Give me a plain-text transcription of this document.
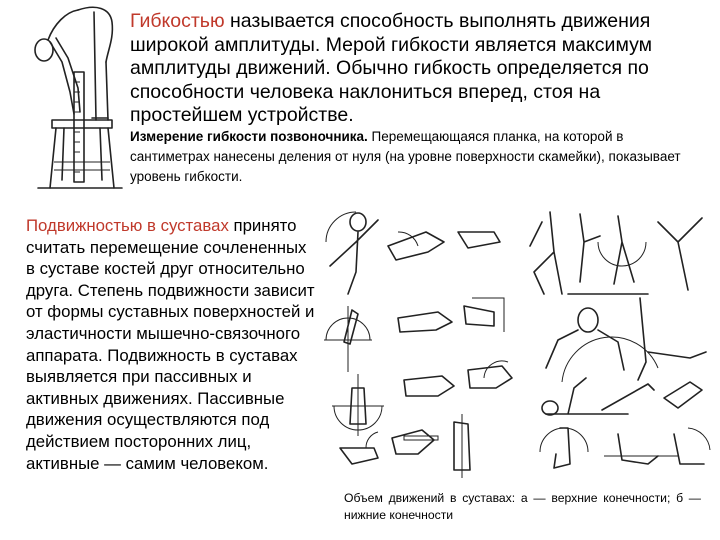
Гибкостью называется способность выполнять движения широкой амплитуды. Мерой гибкости является максимум амплитуды движений. Обычно гибкость определяется по способности человека наклониться вперед, стоя на простейшем устройстве.
Измерение гибкости позвоночника. Перемещающаяся планка, на которой в сантиметрах нанесены деления от нуля (на уровне поверхности скамейки), показывает уровень гибкости.
Подвижностью в суставах принято считать перемещение сочлененных в суставе костей друг относительно друга. Степень подвижности зависит от формы суставных поверхностей и эластичности мышечно-связочного аппарата. Подвижность в суставах выявляется при пассивных и активных движениях. Пассивные движения осуществляются под действием посторонних лиц, активные — самим человеком.
Объем движений в суставах: а — верхние конечности; б — нижние конечности
